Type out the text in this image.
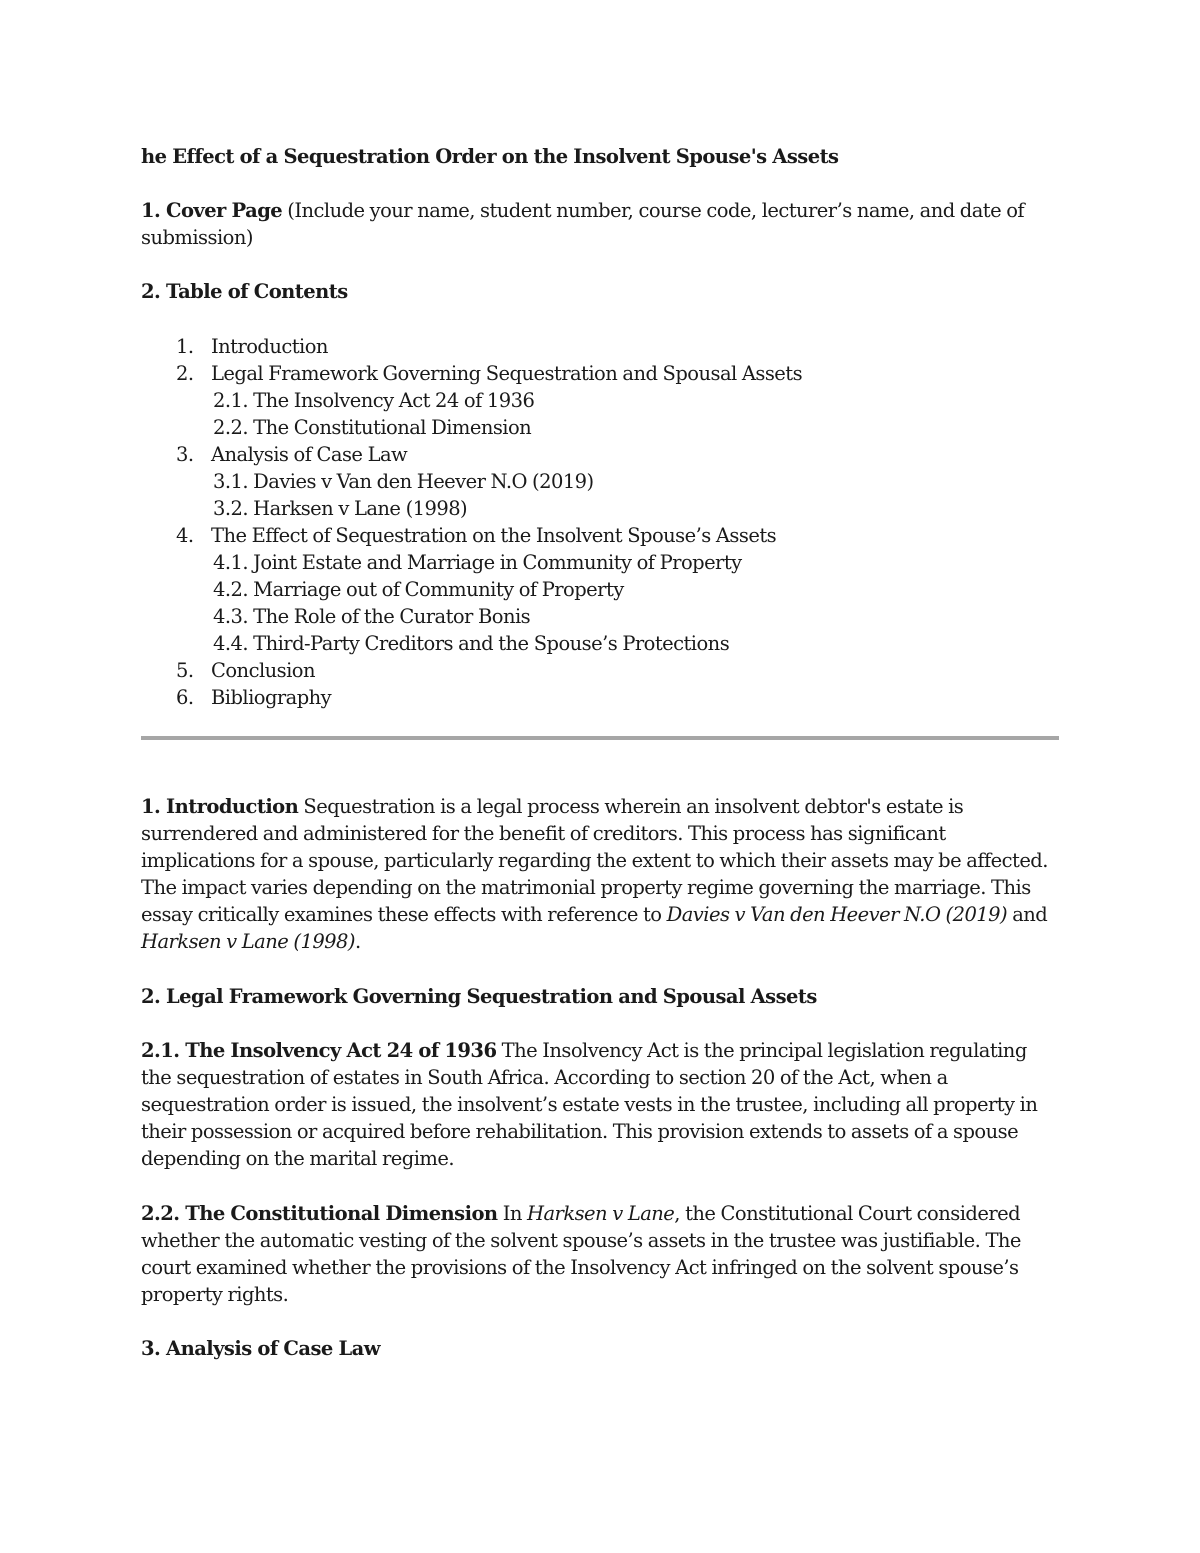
he Effect of a Sequestration Order on the Insolvent Spouse's Assets

1. Cover Page (Include your name, student number, course code, lecturer’s name, and date of submission)

2. Table of Contents

1. Introduction
2. Legal Framework Governing Sequestration and Spousal Assets
2.1. The Insolvency Act 24 of 1936
2.2. The Constitutional Dimension
3. Analysis of Case Law
3.1. Davies v Van den Heever N.O (2019)
3.2. Harksen v Lane (1998)
4. The Effect of Sequestration on the Insolvent Spouse’s Assets
4.1. Joint Estate and Marriage in Community of Property
4.2. Marriage out of Community of Property
4.3. The Role of the Curator Bonis
4.4. Third-Party Creditors and the Spouse’s Protections
5. Conclusion
6. Bibliography

1. Introduction Sequestration is a legal process wherein an insolvent debtor's estate is surrendered and administered for the benefit of creditors. This process has significant implications for a spouse, particularly regarding the extent to which their assets may be affected. The impact varies depending on the matrimonial property regime governing the marriage. This essay critically examines these effects with reference to Davies v Van den Heever N.O (2019) and Harksen v Lane (1998).

2. Legal Framework Governing Sequestration and Spousal Assets

2.1. The Insolvency Act 24 of 1936 The Insolvency Act is the principal legislation regulating the sequestration of estates in South Africa. According to section 20 of the Act, when a sequestration order is issued, the insolvent’s estate vests in the trustee, including all property in their possession or acquired before rehabilitation. This provision extends to assets of a spouse depending on the marital regime.

2.2. The Constitutional Dimension In Harksen v Lane, the Constitutional Court considered whether the automatic vesting of the solvent spouse’s assets in the trustee was justifiable. The court examined whether the provisions of the Insolvency Act infringed on the solvent spouse’s property rights.

3. Analysis of Case Law
